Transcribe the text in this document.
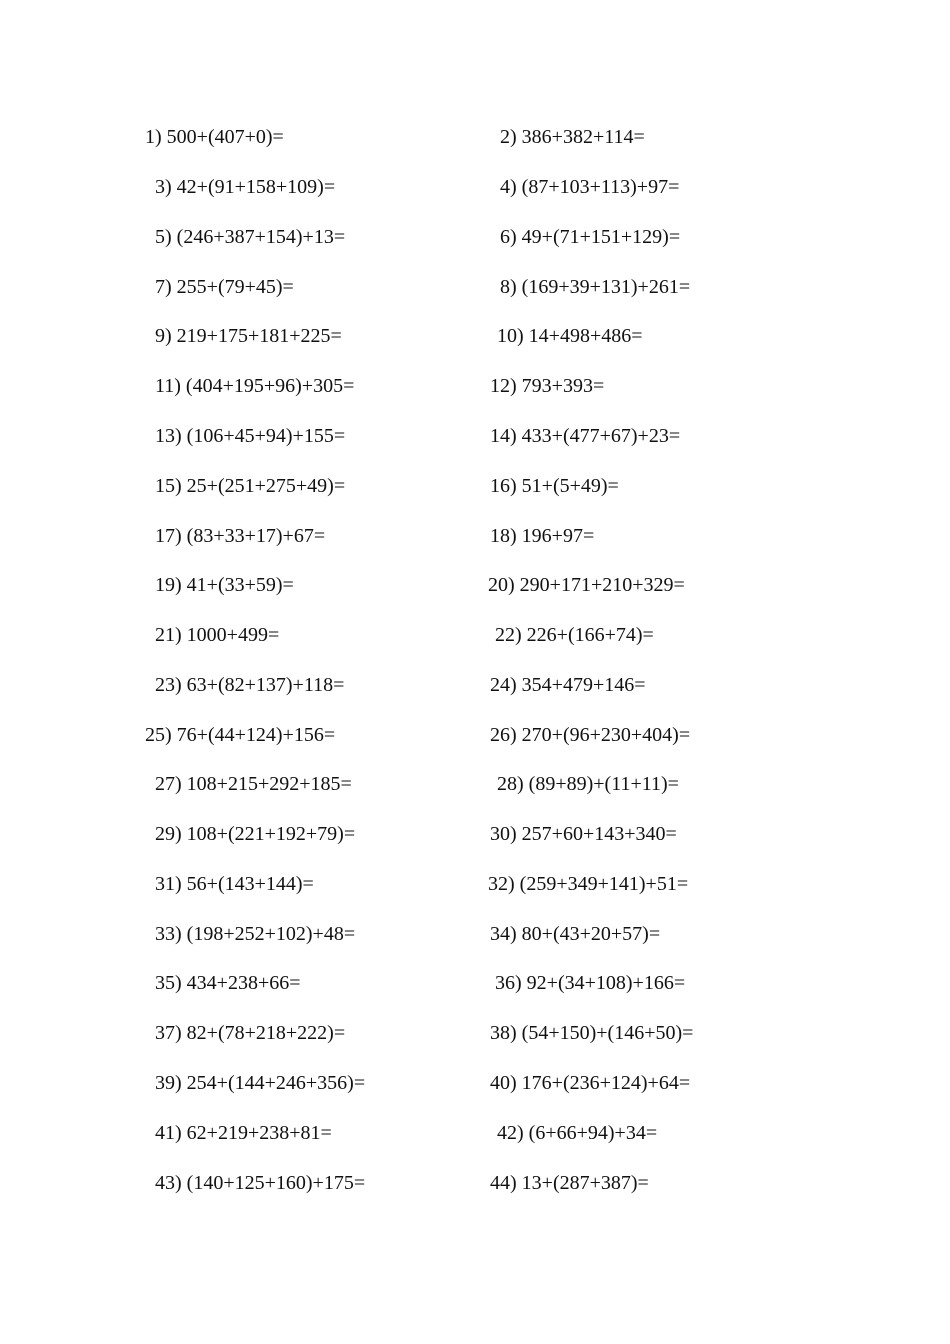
1) 500+(407+0)=	2) 386+382+114=
3) 42+(91+158+109)=	4) (87+103+113)+97=
5) (246+387+154)+13=	6) 49+(71+151+129)=
7) 255+(79+45)=	8) (169+39+131)+261=
9) 219+175+181+225=	10) 14+498+486=
11) (404+195+96)+305=	12) 793+393=
13) (106+45+94)+155=	14) 433+(477+67)+23=
15) 25+(251+275+49)=	16) 51+(5+49)=
17) (83+33+17)+67=	18) 196+97=
19) 41+(33+59)=	20) 290+171+210+329=
21) 1000+499=	22) 226+(166+74)=
23) 63+(82+137)+118=	24) 354+479+146=
25) 76+(44+124)+156=	26) 270+(96+230+404)=
27) 108+215+292+185=	28) (89+89)+(11+11)=
29) 108+(221+192+79)=	30) 257+60+143+340=
31) 56+(143+144)=	32) (259+349+141)+51=
33) (198+252+102)+48=	34) 80+(43+20+57)=
35) 434+238+66=	36) 92+(34+108)+166=
37) 82+(78+218+222)=	38) (54+150)+(146+50)=
39) 254+(144+246+356)=	40) 176+(236+124)+64=
41) 62+219+238+81=	42) (6+66+94)+34=
43) (140+125+160)+175=	44) 13+(287+387)=
